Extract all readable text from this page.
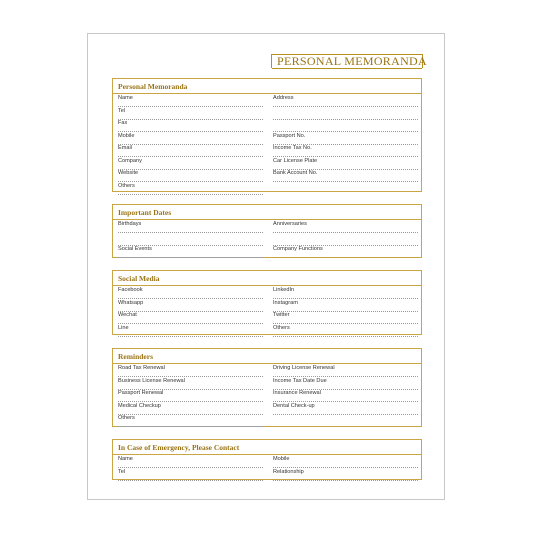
PERSONAL MEMORANDA
Personal Memoranda
Name	Address
Tel
Fax
Mobile	Passport No.
Email	Income Tax No.
Company	Car License Plate
Website	Bank Account No.
Others
Important Dates
Birthdays	Anniversaries
Social Events	Company Functions
Social Media
Facebook	LinkedIn
Whatsapp	Instagram
Wechat	Twitter
Line	Others
Reminders
Road Tax Renewal	Driving License Renewal
Business License Renewal	Income Tax Date Due
Passport Renewal	Insurance Renewal
Medical Checkup	Dental Check-up
Others
In Case of Emergency, Please Contact
Name	Mobile
Tel	Relationship
